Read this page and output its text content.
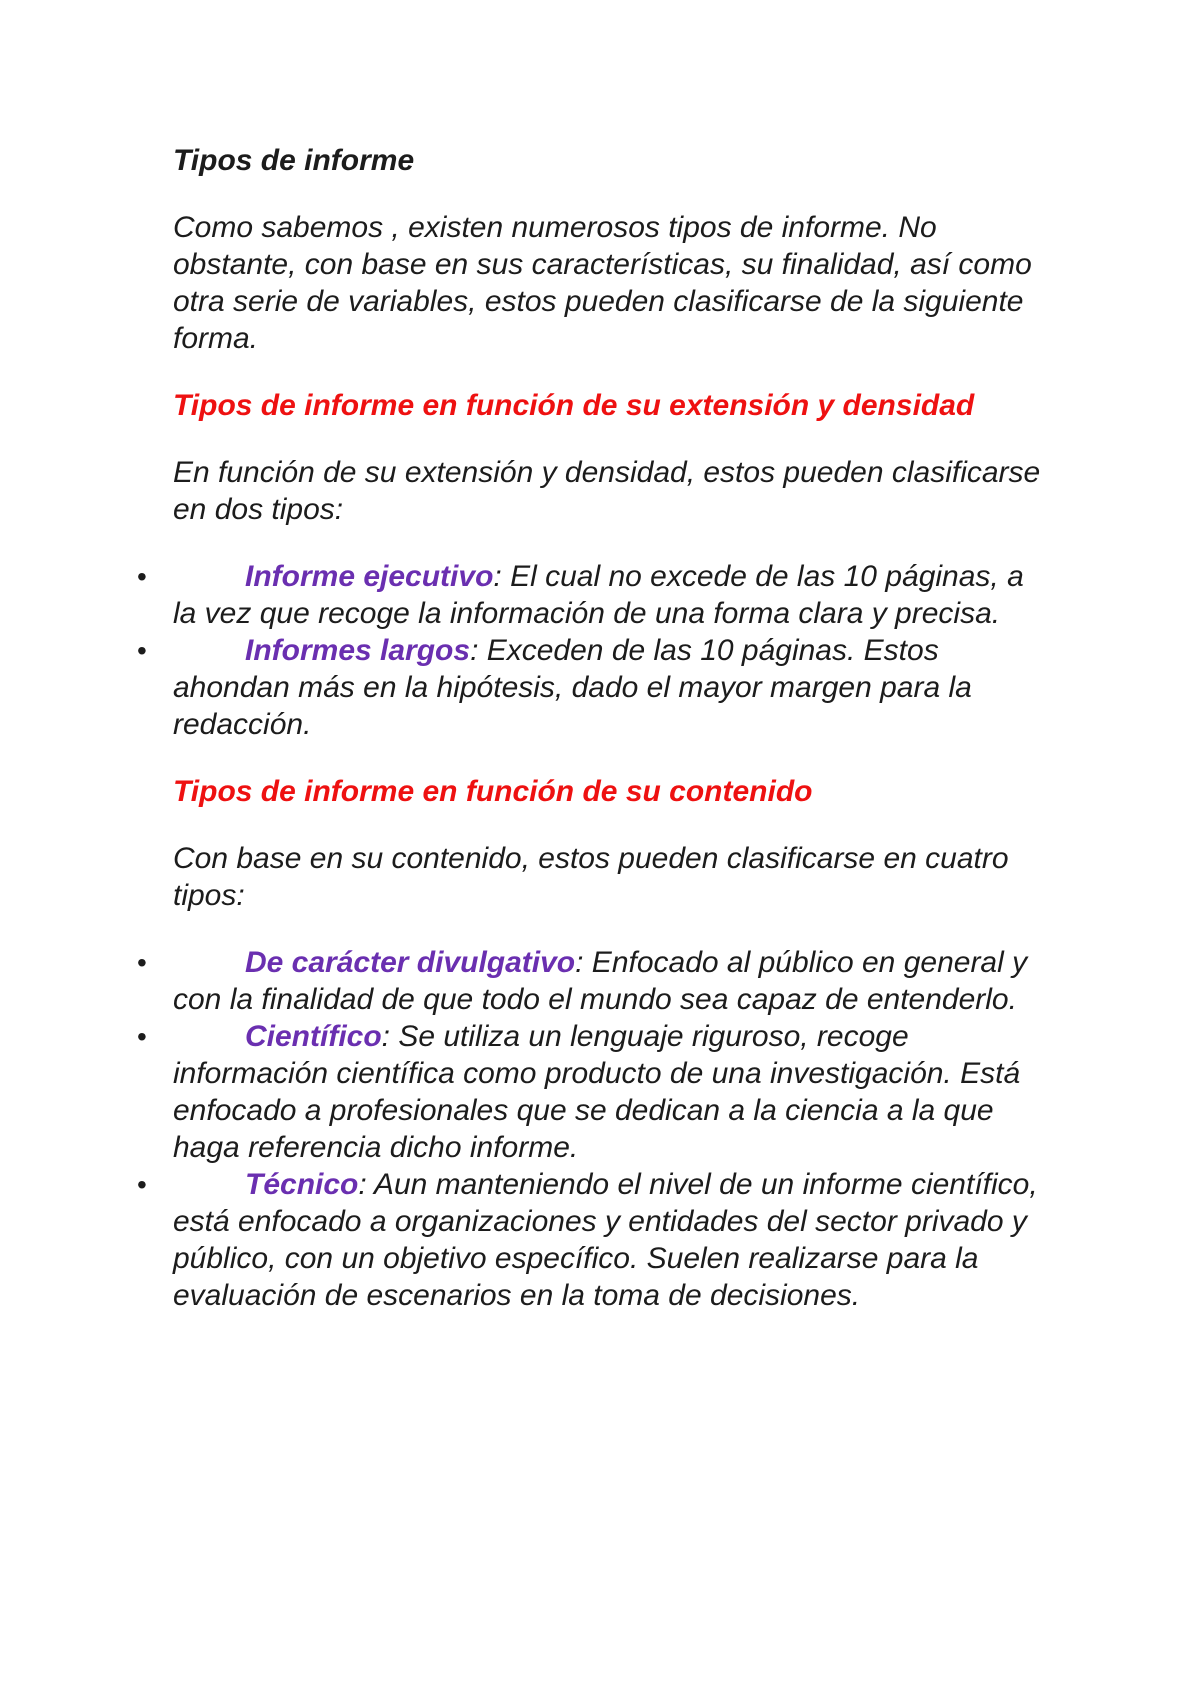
Tipos de informe

Como sabemos , existen numerosos tipos de informe. No obstante, con base en sus características, su finalidad, así como otra serie de variables, estos pueden clasificarse de la siguiente forma.

Tipos de informe en función de su extensión y densidad

En función de su extensión y densidad, estos pueden clasificarse en dos tipos:

•	Informe ejecutivo: El cual no excede de las 10 páginas, a la vez que recoge la información de una forma clara y precisa.
•	Informes largos: Exceden de las 10 páginas. Estos ahondan más en la hipótesis, dado el mayor margen para la redacción.

Tipos de informe en función de su contenido

Con base en su contenido, estos pueden clasificarse en cuatro tipos:

•	De carácter divulgativo: Enfocado al público en general y con la finalidad de que todo el mundo sea capaz de entenderlo.
•	Científico: Se utiliza un lenguaje riguroso, recoge información científica como producto de una investigación. Está enfocado a profesionales que se dedican a la ciencia a la que haga referencia dicho informe.
•	Técnico: Aun manteniendo el nivel de un informe científico, está enfocado a organizaciones y entidades del sector privado y público, con un objetivo específico. Suelen realizarse para la evaluación de escenarios en la toma de decisiones.
